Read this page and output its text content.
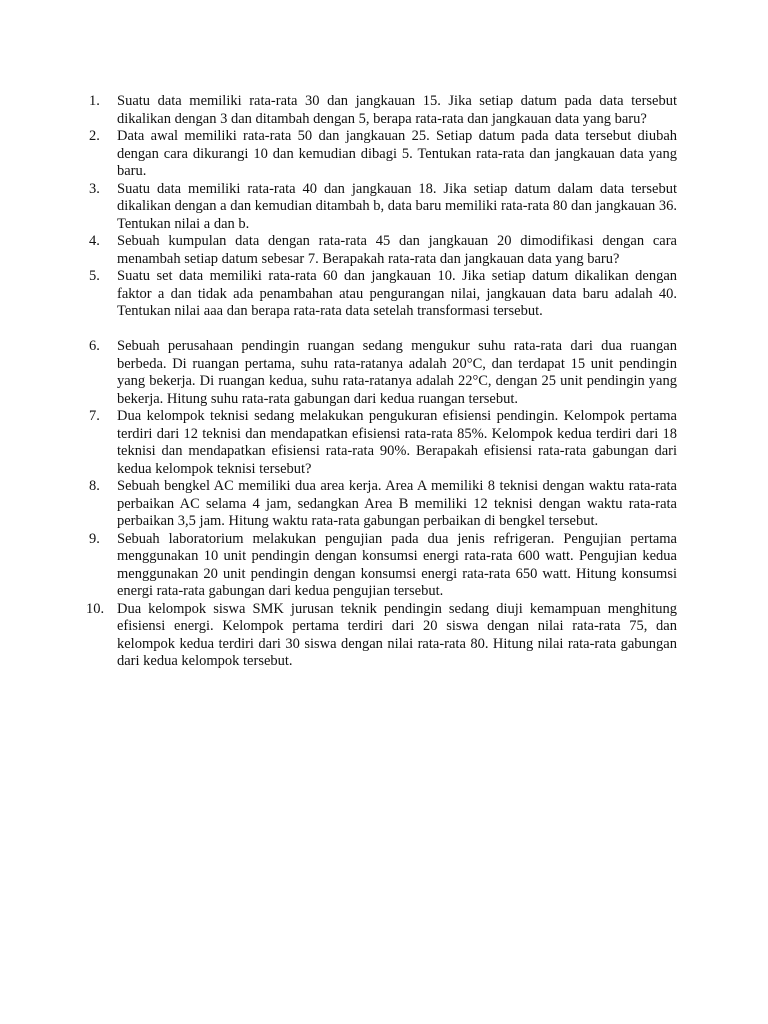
1.	Suatu data memiliki rata-rata 30 dan jangkauan 15. Jika setiap datum pada data tersebut dikalikan dengan 3 dan ditambah dengan 5, berapa rata-rata dan jangkauan data yang baru?
2.	Data awal memiliki rata-rata 50 dan jangkauan 25. Setiap datum pada data tersebut diubah dengan cara dikurangi 10 dan kemudian dibagi 5. Tentukan rata-rata dan jangkauan data yang baru.
3.	Suatu data memiliki rata-rata 40 dan jangkauan 18. Jika setiap datum dalam data tersebut dikalikan dengan a dan kemudian ditambah b, data baru memiliki rata-rata 80 dan jangkauan 36. Tentukan nilai a dan b.
4.	Sebuah kumpulan data dengan rata-rata 45 dan jangkauan 20 dimodifikasi dengan cara menambah setiap datum sebesar 7. Berapakah rata-rata dan jangkauan data yang baru?
5.	Suatu set data memiliki rata-rata 60 dan jangkauan 10. Jika setiap datum dikalikan dengan faktor a dan tidak ada penambahan atau pengurangan nilai, jangkauan data baru adalah 40. Tentukan nilai aaa dan berapa rata-rata data setelah transformasi tersebut.
6.	Sebuah perusahaan pendingin ruangan sedang mengukur suhu rata-rata dari dua ruangan berbeda. Di ruangan pertama, suhu rata-ratanya adalah 20°C, dan terdapat 15 unit pendingin yang bekerja. Di ruangan kedua, suhu rata-ratanya adalah 22°C, dengan 25 unit pendingin yang bekerja. Hitung suhu rata-rata gabungan dari kedua ruangan tersebut.
7.	Dua kelompok teknisi sedang melakukan pengukuran efisiensi pendingin. Kelompok pertama terdiri dari 12 teknisi dan mendapatkan efisiensi rata-rata 85%. Kelompok kedua terdiri dari 18 teknisi dan mendapatkan efisiensi rata-rata 90%. Berapakah efisiensi rata-rata gabungan dari kedua kelompok teknisi tersebut?
8.	Sebuah bengkel AC memiliki dua area kerja. Area A memiliki 8 teknisi dengan waktu rata-rata perbaikan AC selama 4 jam, sedangkan Area B memiliki 12 teknisi dengan waktu rata-rata perbaikan 3,5 jam. Hitung waktu rata-rata gabungan perbaikan di bengkel tersebut.
9.	Sebuah laboratorium melakukan pengujian pada dua jenis refrigeran. Pengujian pertama menggunakan 10 unit pendingin dengan konsumsi energi rata-rata 600 watt. Pengujian kedua menggunakan 20 unit pendingin dengan konsumsi energi rata-rata 650 watt. Hitung konsumsi energi rata-rata gabungan dari kedua pengujian tersebut.
10. Dua kelompok siswa SMK jurusan teknik pendingin sedang diuji kemampuan menghitung efisiensi energi. Kelompok pertama terdiri dari 20 siswa dengan nilai rata-rata 75, dan kelompok kedua terdiri dari 30 siswa dengan nilai rata-rata 80. Hitung nilai rata-rata gabungan dari kedua kelompok tersebut.
